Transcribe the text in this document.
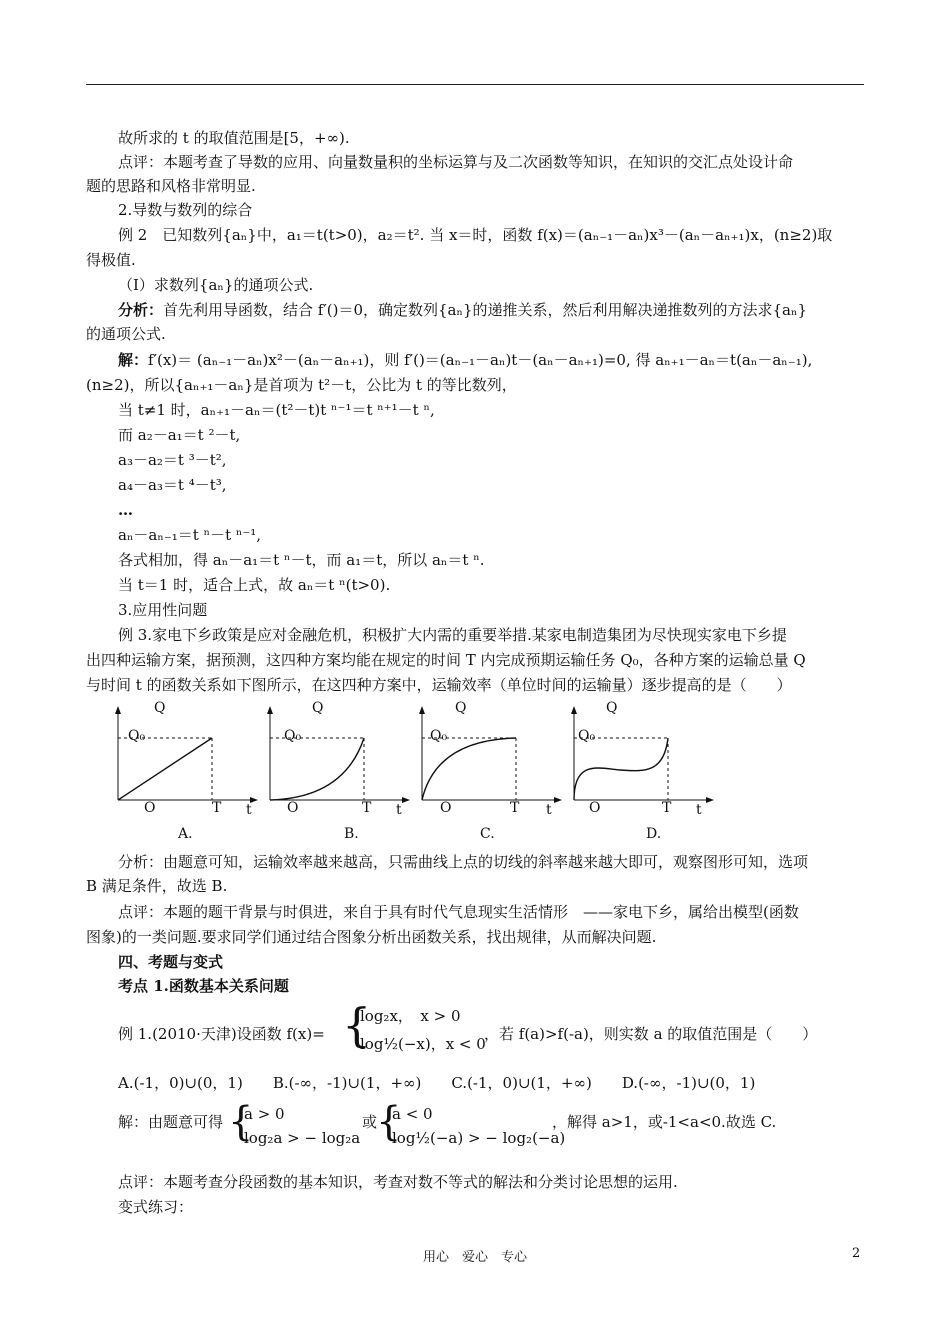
故所求的 t 的取值范围是[5，+∞).
点评：本题考查了导数的应用、向量数量积的坐标运算与及二次函数等知识，在知识的交汇点处设计命
题的思路和风格非常明显.
2.导数与数列的综合
例 2　已知数列{aₙ}中，a₁＝t(t>0)，a₂＝t². 当 x＝时，函数 f(x)＝(aₙ₋₁－aₙ)x³－(aₙ－aₙ₊₁)x，(n≥2)取
得极值.
（Ⅰ）求数列{aₙ}的通项公式.
分析：首先利用导函数，结合 f′()＝0，确定数列{aₙ}的递推关系，然后利用解决递推数列的方法求{aₙ}
的通项公式.
解：f′(x)＝ (aₙ₋₁－aₙ)x²－(aₙ－aₙ₊₁)，则 f′()＝(aₙ₋₁－aₙ)t－(aₙ－aₙ₊₁)=0, 得 aₙ₊₁－aₙ＝t(aₙ－aₙ₋₁),
(n≥2)，所以{aₙ₊₁－aₙ}是首项为 t²－t，公比为 t 的等比数列，
当 t≠1 时，aₙ₊₁－aₙ＝(t²－t)t ⁿ⁻¹＝t ⁿ⁺¹－t ⁿ,
而 a₂－a₁＝t ²－t,
a₃－a₂＝t ³－t²,
a₄－a₃＝t ⁴－t³,
…
aₙ－aₙ₋₁＝t ⁿ－t ⁿ⁻¹,
各式相加，得 aₙ－a₁＝t ⁿ－t，而 a₁＝t，所以 aₙ＝t ⁿ.
当 t＝1 时，适合上式，故 aₙ＝t ⁿ(t>0).
3.应用性问题
例 3.家电下乡政策是应对金融危机，积极扩大内需的重要举措.某家电制造集团为尽快现实家电下乡提
出四种运输方案，据预测，这四种方案均能在规定的时间 T 内完成预期运输任务 Q₀，各种方案的运输总量 Q
与时间 t 的函数关系如下图所示，在这四种方案中，运输效率（单位时间的运输量）逐步提高的是（　　）
Q
Q₀
O	T t
A.
Q
Q₀
O	T t
B.
Q
Q₀
O	T t
C.
Q
Q₀
O	T t
D.
分析：由题意可知，运输效率越来越高，只需曲线上点的切线的斜率越来越大即可，观察图形可知，选项
B 满足条件，故选 B.
点评：本题的题干背景与时俱进，来自于具有时代气息现实生活情形　——家电下乡，属给出模型(函数
图象)的一类问题.要求同学们通过结合图象分析出函数关系，找出规律，从而解决问题.
四、考题与变式
考点 1.函数基本关系问题
例 1.(2010·天津)设函数 f(x)= {
log₂x，　x > 0
log½(−x)，x < 0
，若 f(a)>f(-a)，则实数 a 的取值范围是（　　）
A.(-1，0)∪(0，1)　　B.(-∞，-1)∪(1，+∞)　　C.(-1，0)∪(1，+∞)　　D.(-∞，-1)∪(0，1)
解：由题意可得 {
a > 0
log₂a > − log₂a
或
{
a < 0
log½(−a) > − log₂(−a)
，解得 a>1，或-1<a<0.故选 C.
点评：本题考查分段函数的基本知识，考查对数不等式的解法和分类讨论思想的运用.
变式练习：
用心　爱心　专心	2
